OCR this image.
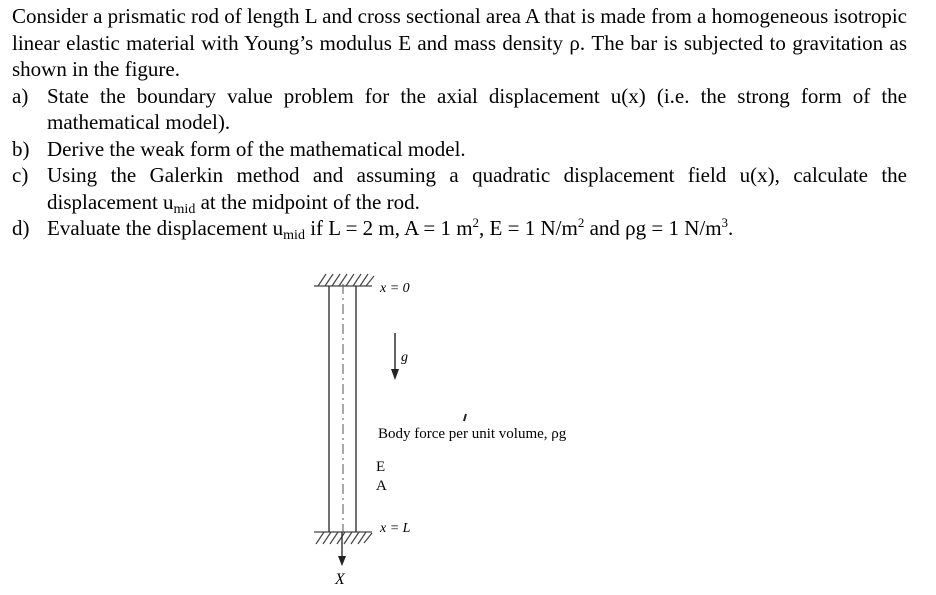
Consider a prismatic rod of length L and cross sectional area A that is made from a homogeneous isotropic linear elastic material with Young’s modulus E and mass density ρ. The bar is subjected to gravitation as shown in the figure.
a) State the boundary value problem for the axial displacement u(x) (i.e. the strong form of the mathematical model).
b) Derive the weak form of the mathematical model.
c) Using the Galerkin method and assuming a quadratic displacement field u(x), calculate the displacement $u_{mid}$ at the midpoint of the rod.
d) Evaluate the displacement $u_{mid}$ if L = 2 m, A = 1 $m^2$, E = 1 $N/m^2$ and ρg = 1 $N/m^3$.
x = 0
g
Body force per unit volume, ρg
E
A
x = L
X
